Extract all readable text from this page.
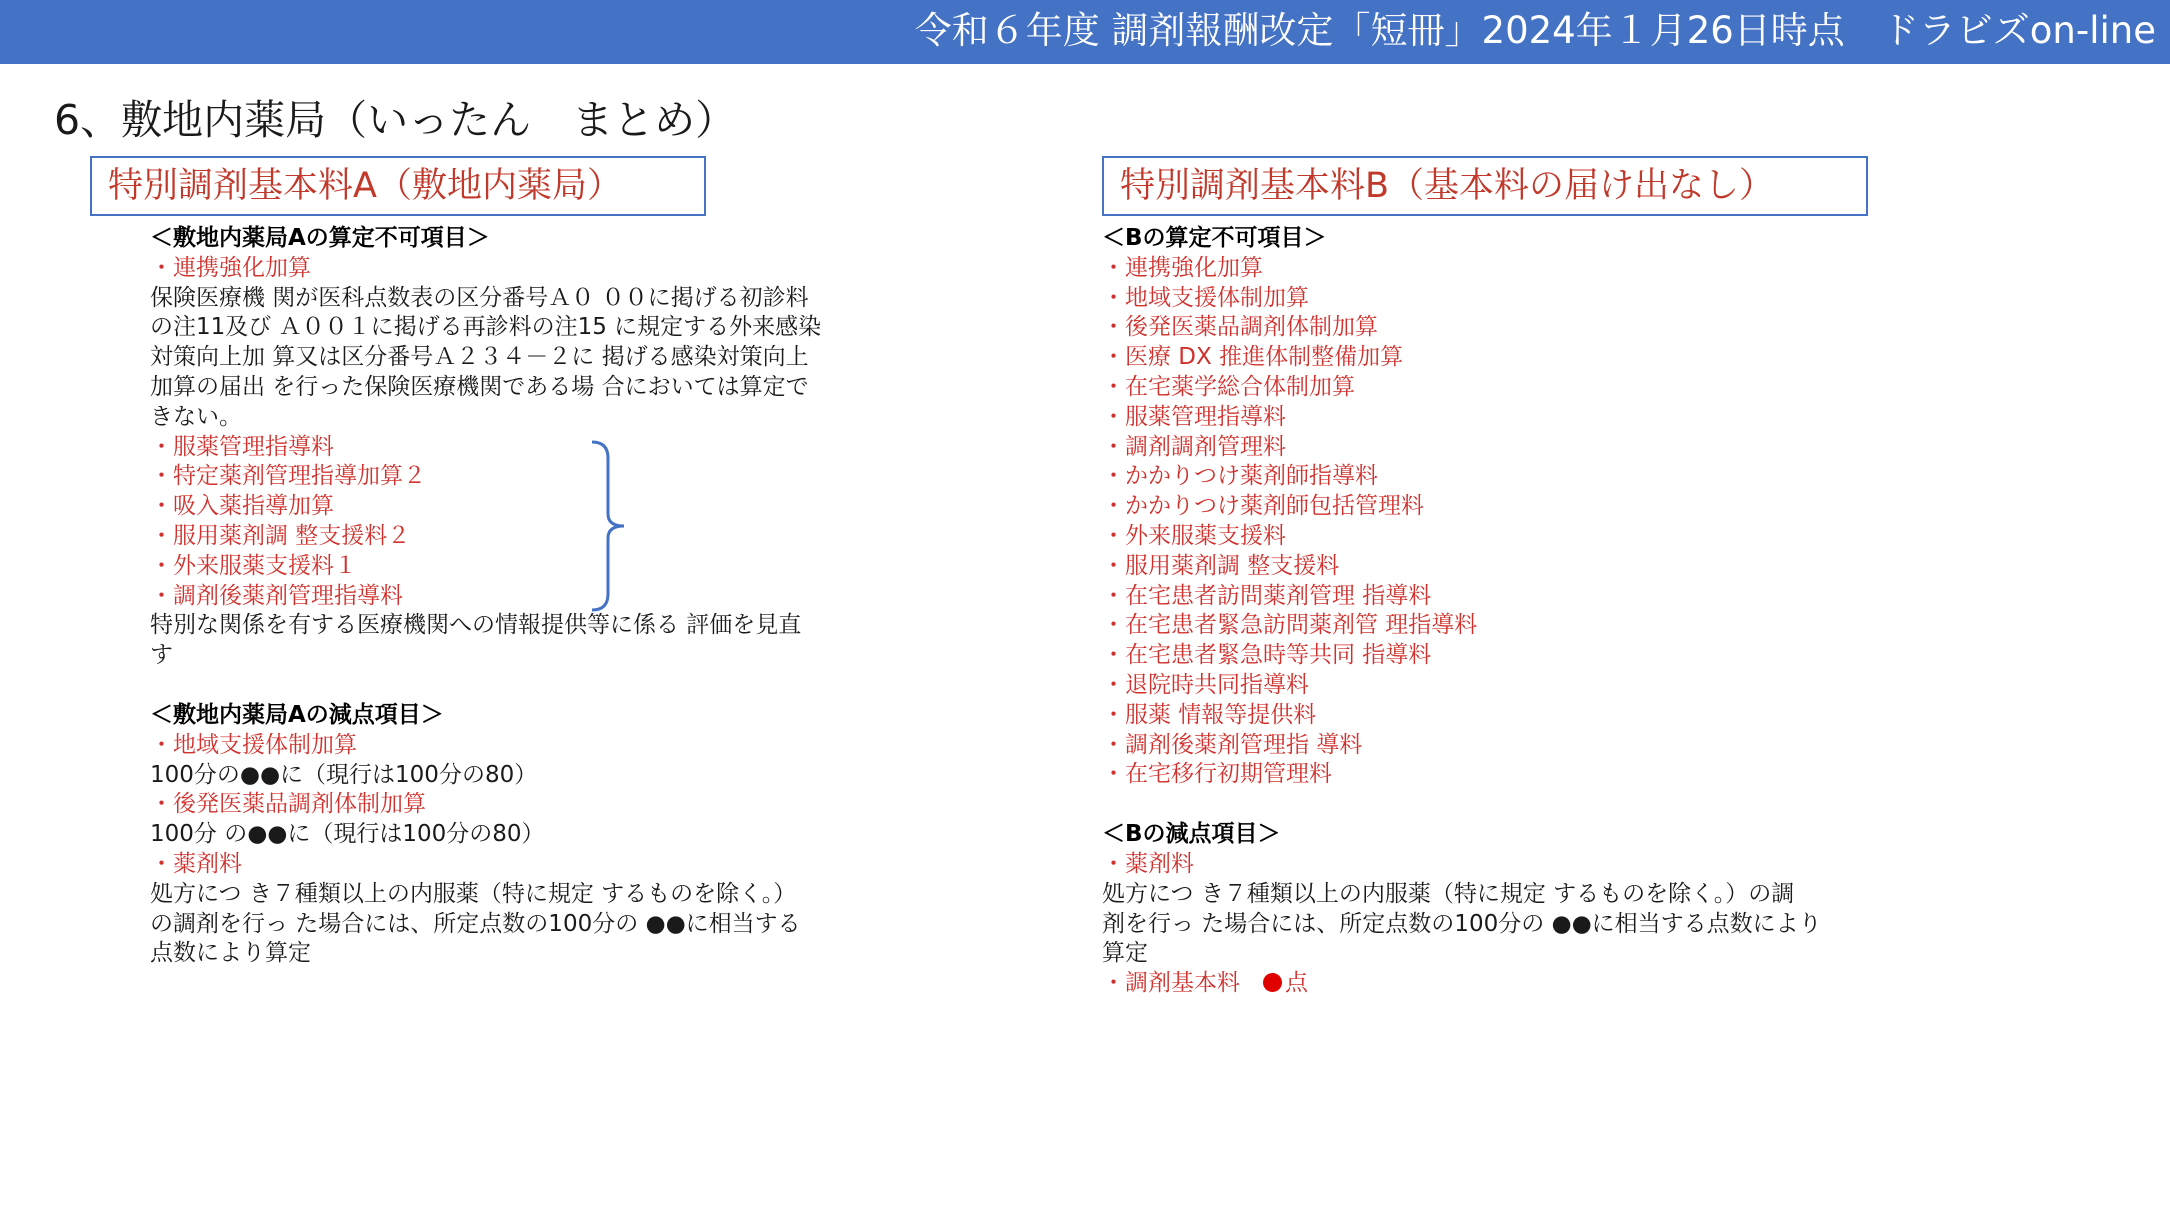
令和６年度 調剤報酬改定「短冊」2024年１月26日時点　ドラビズon-line
6、敷地内薬局（いったん　まとめ）
特別調剤基本料A（敷地内薬局）	特別調剤基本料B（基本料の届け出なし）
＜敷地内薬局Aの算定不可項目＞
・連携強化加算
保険医療機 関が医科点数表の区分番号Ａ０ ００に掲げる初診料
の注11及び Ａ００１に掲げる再診料の注15 に規定する外来感染
対策向上加 算又は区分番号Ａ２３４－２に 掲げる感染対策向上
加算の届出 を行った保険医療機関である場 合においては算定で
きない。
・服薬管理指導料
・特定薬剤管理指導加算２
・吸入薬指導加算
・服用薬剤調 整支援料２
・外来服薬支援料１
・調剤後薬剤管理指導料
特別な関係を有する医療機関への情報提供等に係る 評価を見直
す
＜敷地内薬局Aの減点項目＞
・地域支援体制加算
100分の●●に（現行は100分の80）
・後発医薬品調剤体制加算
100分 の●●に（現行は100分の80）
・薬剤料
処方につ き７種類以上の内服薬（特に規定 するものを除く。）
の調剤を行っ た場合には、所定点数の100分の ●●に相当する
点数により算定
＜Bの算定不可項目＞
・連携強化加算
・地域支援体制加算
・後発医薬品調剤体制加算
・医療 DX 推進体制整備加算
・在宅薬学総合体制加算
・服薬管理指導料
・調剤調剤管理料
・かかりつけ薬剤師指導料
・かかりつけ薬剤師包括管理料
・外来服薬支援料
・服用薬剤調 整支援料
・在宅患者訪問薬剤管理 指導料
・在宅患者緊急訪問薬剤管 理指導料
・在宅患者緊急時等共同 指導料
・退院時共同指導料
・服薬 情報等提供料
・調剤後薬剤管理指 導料
・在宅移行初期管理料
＜Bの減点項目＞
・薬剤料
処方につ き７種類以上の内服薬（特に規定 するものを除く。）の調
剤を行っ た場合には、所定点数の100分の ●●に相当する点数により
算定
・調剤基本料　点
